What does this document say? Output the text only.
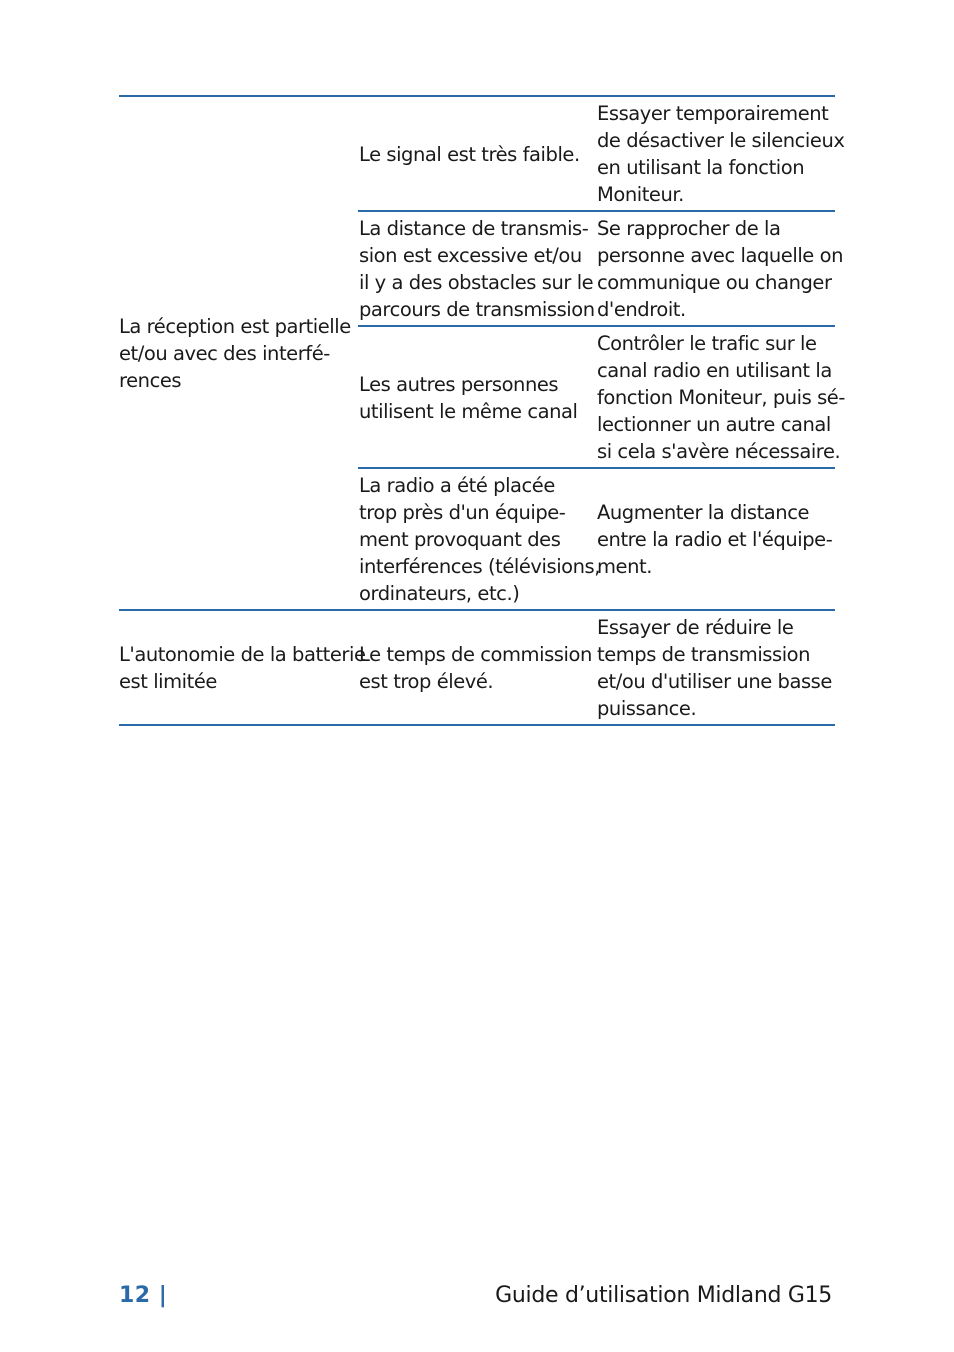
La réception est partielle
et/ou avec des interfé-
rences	Le signal est très faible.	Essayer temporairement
de désactiver le silencieux
en utilisant la fonction
Moniteur.

	La distance de transmis-
sion est excessive et/ou
il y a des obstacles sur le
parcours de transmission	Se rapprocher de la
personne avec laquelle on
communique ou changer
d'endroit.

	Les autres personnes
utilisent le même canal	Contrôler le trafic sur le
canal radio en utilisant la
fonction Moniteur, puis sé-
lectionner un autre canal
si cela s'avère nécessaire.

	La radio a été placée
trop près d'un équipe-
ment provoquant des
interférences (télévisions,
ordinateurs, etc.)	Augmenter la distance
entre la radio et l'équipe-
ment.

L'autonomie de la batterie
est limitée	Le temps de commission
est trop élevé.	Essayer de réduire le
temps de transmission
et/ou d'utiliser une basse
puissance.
12 |	Guide d’utilisation Midland G15
